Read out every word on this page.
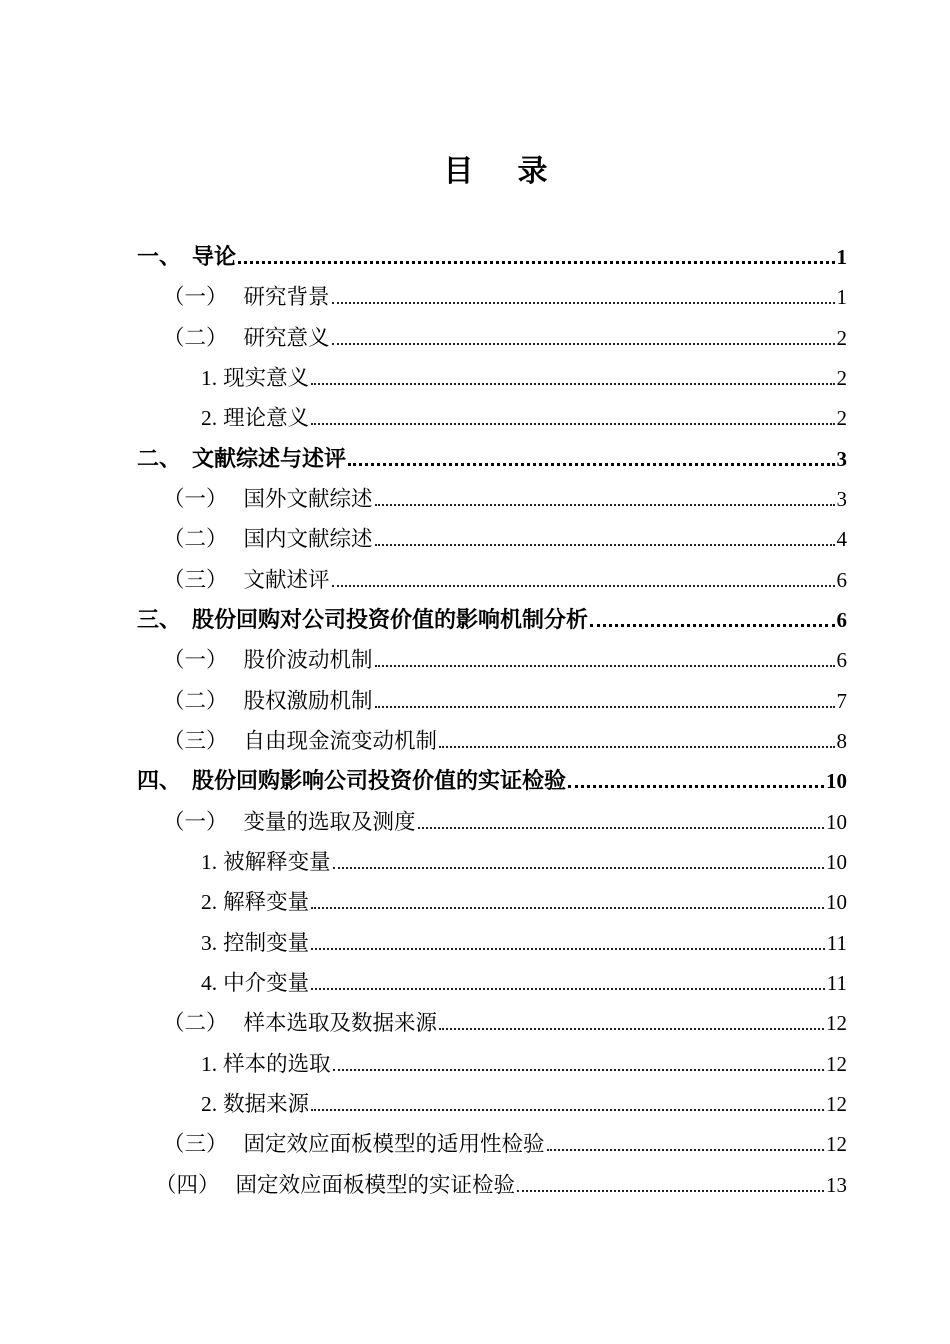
目　录
一、 导论	1
（一） 研究背景	1
（二） 研究意义	2
1. 现实意义	2
2. 理论意义	2
二、 文献综述与述评	3
（一） 国外文献综述	3
（二） 国内文献综述	4
（三） 文献述评	6
三、 股份回购对公司投资价值的影响机制分析	6
（一） 股价波动机制	6
（二） 股权激励机制	7
（三） 自由现金流变动机制	8
四、 股份回购影响公司投资价值的实证检验	10
（一） 变量的选取及测度	10
1. 被解释变量	10
2. 解释变量	10
3. 控制变量	11
4. 中介变量	11
（二） 样本选取及数据来源	12
1. 样本的选取	12
2. 数据来源	12
（三） 固定效应面板模型的适用性检验	12
（四） 固定效应面板模型的实证检验	13
